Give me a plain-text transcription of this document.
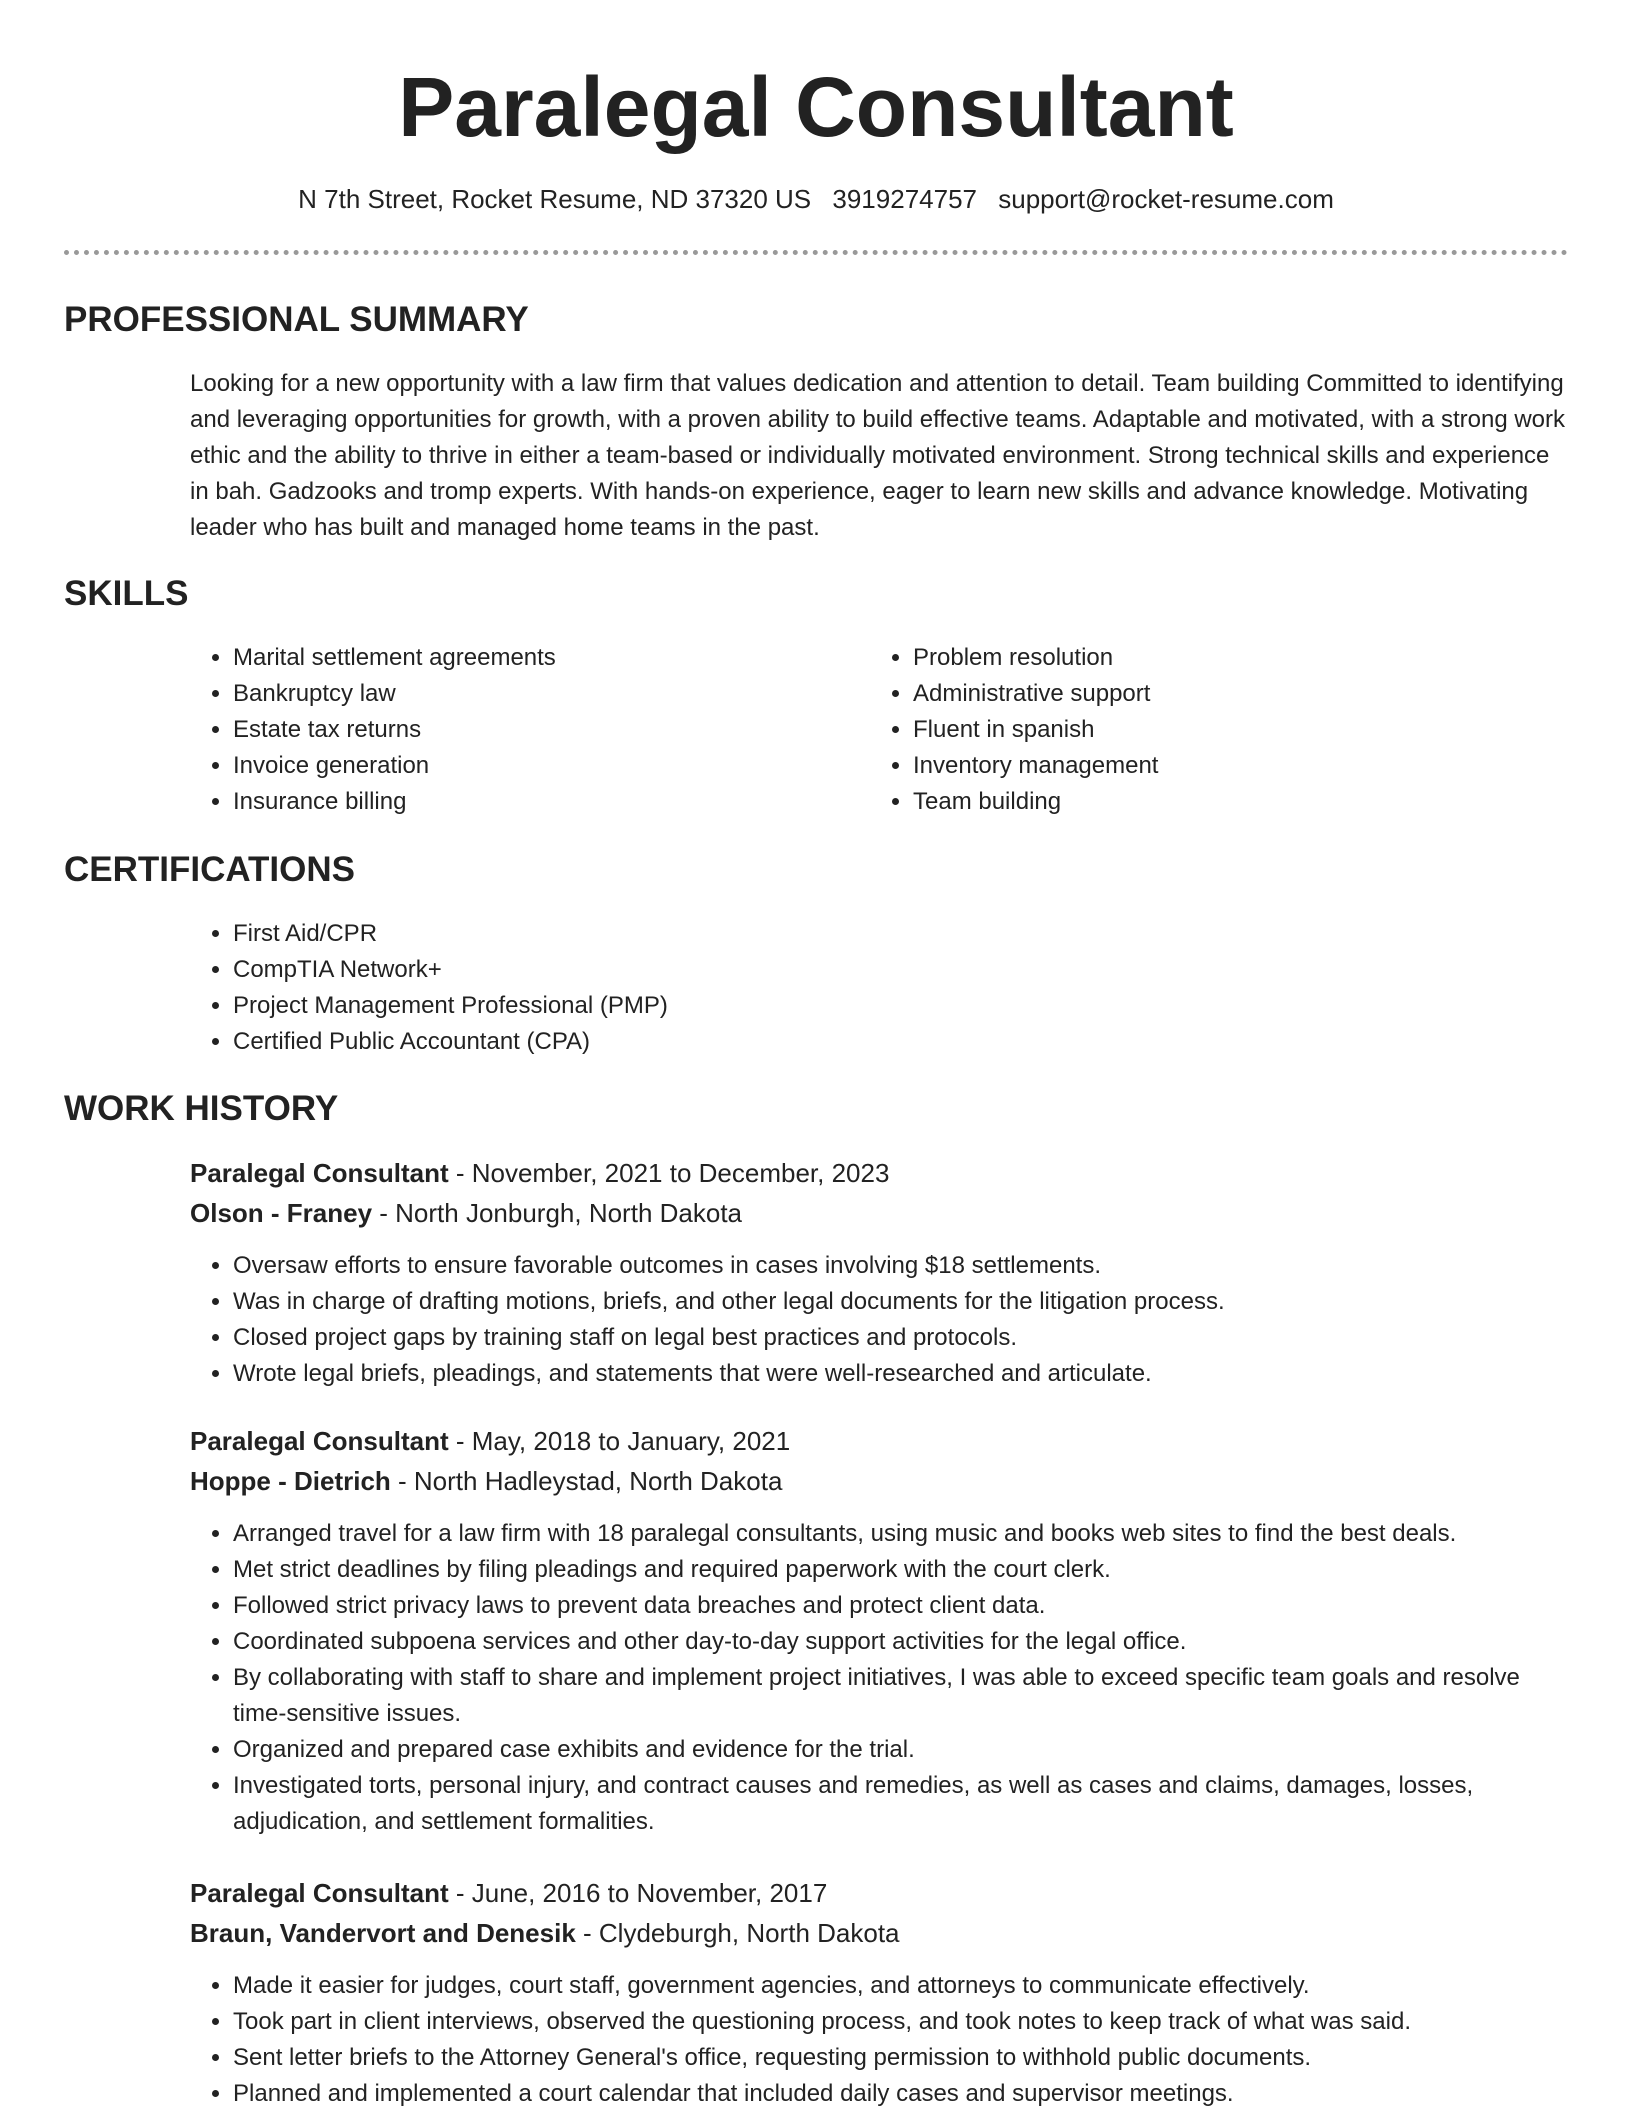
Paralegal Consultant
N 7th Street, Rocket Resume, ND 37320 US 3919274757 support@rocket-resume.com
PROFESSIONAL SUMMARY

Looking for a new opportunity with a law firm that values dedication and attention to detail. Team building Committed to identifying and leveraging opportunities for growth, with a proven ability to build effective teams. Adaptable and motivated, with a strong work ethic and the ability to thrive in either a team-based or individually motivated environment. Strong technical skills and experience in bah. Gadzooks and tromp experts. With hands-on experience, eager to learn new skills and advance knowledge. Motivating leader who has built and managed home teams in the past.

SKILLS
• Marital settlement agreements
• Bankruptcy law
• Estate tax returns
• Invoice generation
• Insurance billing
• Problem resolution
• Administrative support
• Fluent in spanish
• Inventory management
• Team building
CERTIFICATIONS
• First Aid/CPR
• CompTIA Network+
• Project Management Professional (PMP)
• Certified Public Accountant (CPA)
WORK HISTORY
Paralegal Consultant - November, 2021 to December, 2023
Olson - Franey - North Jonburgh, North Dakota
• Oversaw efforts to ensure favorable outcomes in cases involving $18 settlements.
• Was in charge of drafting motions, briefs, and other legal documents for the litigation process.
• Closed project gaps by training staff on legal best practices and protocols.
• Wrote legal briefs, pleadings, and statements that were well-researched and articulate.
Paralegal Consultant - May, 2018 to January, 2021
Hoppe - Dietrich - North Hadleystad, North Dakota
• Arranged travel for a law firm with 18 paralegal consultants, using music and books web sites to find the best deals.
• Met strict deadlines by filing pleadings and required paperwork with the court clerk.
• Followed strict privacy laws to prevent data breaches and protect client data.
• Coordinated subpoena services and other day-to-day support activities for the legal office.
• By collaborating with staff to share and implement project initiatives, I was able to exceed specific team goals and resolve time-sensitive issues.
• Organized and prepared case exhibits and evidence for the trial.
• Investigated torts, personal injury, and contract causes and remedies, as well as cases and claims, damages, losses, adjudication, and settlement formalities.
Paralegal Consultant - June, 2016 to November, 2017
Braun, Vandervort and Denesik - Clydeburgh, North Dakota
• Made it easier for judges, court staff, government agencies, and attorneys to communicate effectively.
• Took part in client interviews, observed the questioning process, and took notes to keep track of what was said.
• Sent letter briefs to the Attorney General's office, requesting permission to withhold public documents.
• Planned and implemented a court calendar that included daily cases and supervisor meetings.
